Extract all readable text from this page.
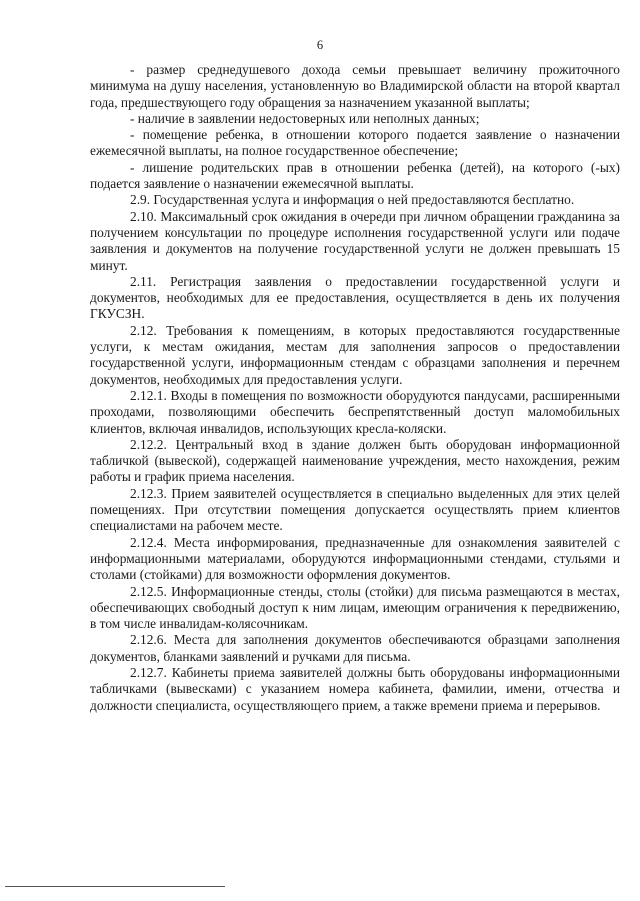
6

- размер среднедушевого дохода семьи превышает величину прожиточного минимума на душу населения, установленную во Владимирской области на второй квартал года, предшествующего году обращения за назначением указанной выплаты;

- наличие в заявлении недостоверных или неполных данных;

- помещение ребенка, в отношении которого подается заявление о назначении ежемесячной выплаты, на полное государственное обеспечение;

- лишение родительских прав в отношении ребенка (детей), на которого (-ых) подается заявление о назначении ежемесячной выплаты.

2.9. Государственная услуга и информация о ней предоставляются бесплатно.

2.10. Максимальный срок ожидания в очереди при личном обращении гражданина за получением консультации по процедуре исполнения государственной услуги или подаче заявления и документов на получение государственной услуги не должен превышать 15 минут.

2.11. Регистрация заявления о предоставлении государственной услуги и документов, необходимых для ее предоставления, осуществляется в день их получения ГКУСЗН.

2.12. Требования к помещениям, в которых предоставляются государственные услуги, к местам ожидания, местам для заполнения запросов о предоставлении государственной услуги, информационным стендам с образцами заполнения и перечнем документов, необходимых для предоставления услуги.

2.12.1. Входы в помещения по возможности оборудуются пандусами, расширенными проходами, позволяющими обеспечить беспрепятственный доступ маломобильных клиентов, включая инвалидов, использующих кресла-коляски.

2.12.2. Центральный вход в здание должен быть оборудован информационной табличкой (вывеской), содержащей наименование учреждения, место нахождения, режим работы и график приема населения.

2.12.3. Прием заявителей осуществляется в специально выделенных для этих целей помещениях. При отсутствии помещения допускается осуществлять прием клиентов специалистами на рабочем месте.

2.12.4. Места информирования, предназначенные для ознакомления заявителей с информационными материалами, оборудуются информационными стендами, стульями и столами (стойками) для возможности оформления документов.

2.12.5. Информационные стенды, столы (стойки) для письма размещаются в местах, обеспечивающих свободный доступ к ним лицам, имеющим ограничения к передвижению, в том числе инвалидам-колясочникам.

2.12.6. Места для заполнения документов обеспечиваются образцами заполнения документов, бланками заявлений и ручками для письма.

2.12.7. Кабинеты приема заявителей должны быть оборудованы информационными табличками (вывесками) с указанием номера кабинета, фамилии, имени, отчества и должности специалиста, осуществляющего прием, а также времени приема и перерывов.
